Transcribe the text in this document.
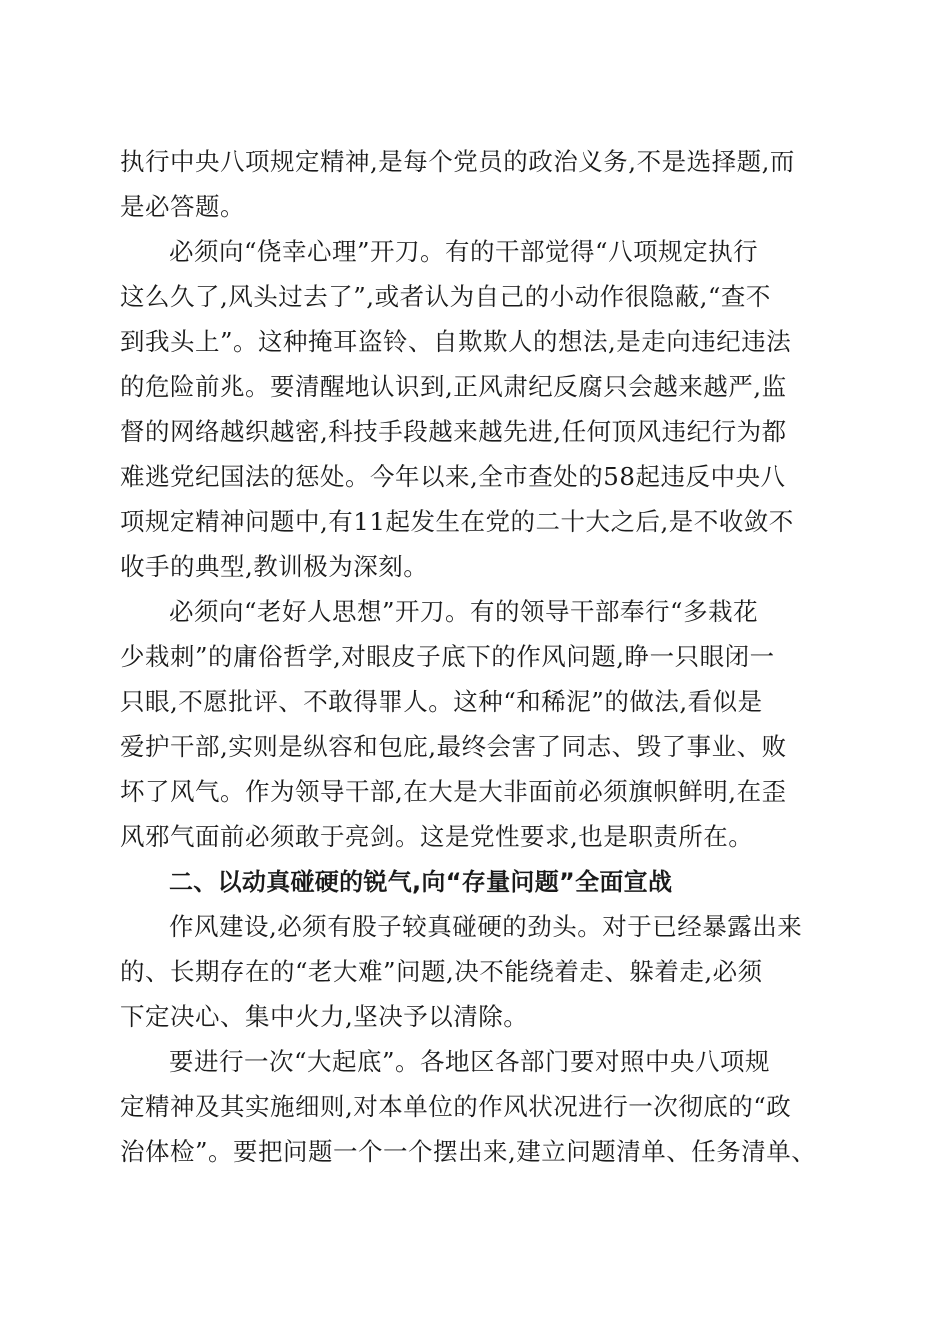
执行中央八项规定精神,是每个党员的政治义务,不是选择题,而
是必答题。
必须向“侥幸心理”开刀。有的干部觉得“八项规定执行
这么久了,风头过去了”,或者认为自己的小动作很隐蔽,“查不
到我头上”。这种掩耳盗铃、自欺欺人的想法,是走向违纪违法
的危险前兆。要清醒地认识到,正风肃纪反腐只会越来越严,监
督的网络越织越密,科技手段越来越先进,任何顶风违纪行为都
难逃党纪国法的惩处。今年以来,全市查处的58起违反中央八
项规定精神问题中,有11起发生在党的二十大之后,是不收敛不
收手的典型,教训极为深刻。
必须向“老好人思想”开刀。有的领导干部奉行“多栽花
少栽刺”的庸俗哲学,对眼皮子底下的作风问题,睁一只眼闭一
只眼,不愿批评、不敢得罪人。这种“和稀泥”的做法,看似是
爱护干部,实则是纵容和包庇,最终会害了同志、毁了事业、败
坏了风气。作为领导干部,在大是大非面前必须旗帜鲜明,在歪
风邪气面前必须敢于亮剑。这是党性要求,也是职责所在。
二、以动真碰硬的锐气,向“存量问题”全面宣战
作风建设,必须有股子较真碰硬的劲头。对于已经暴露出来
的、长期存在的“老大难”问题,决不能绕着走、躲着走,必须
下定决心、集中火力,坚决予以清除。
要进行一次“大起底”。各地区各部门要对照中央八项规
定精神及其实施细则,对本单位的作风状况进行一次彻底的“政
治体检”。要把问题一个一个摆出来,建立问题清单、任务清单、
